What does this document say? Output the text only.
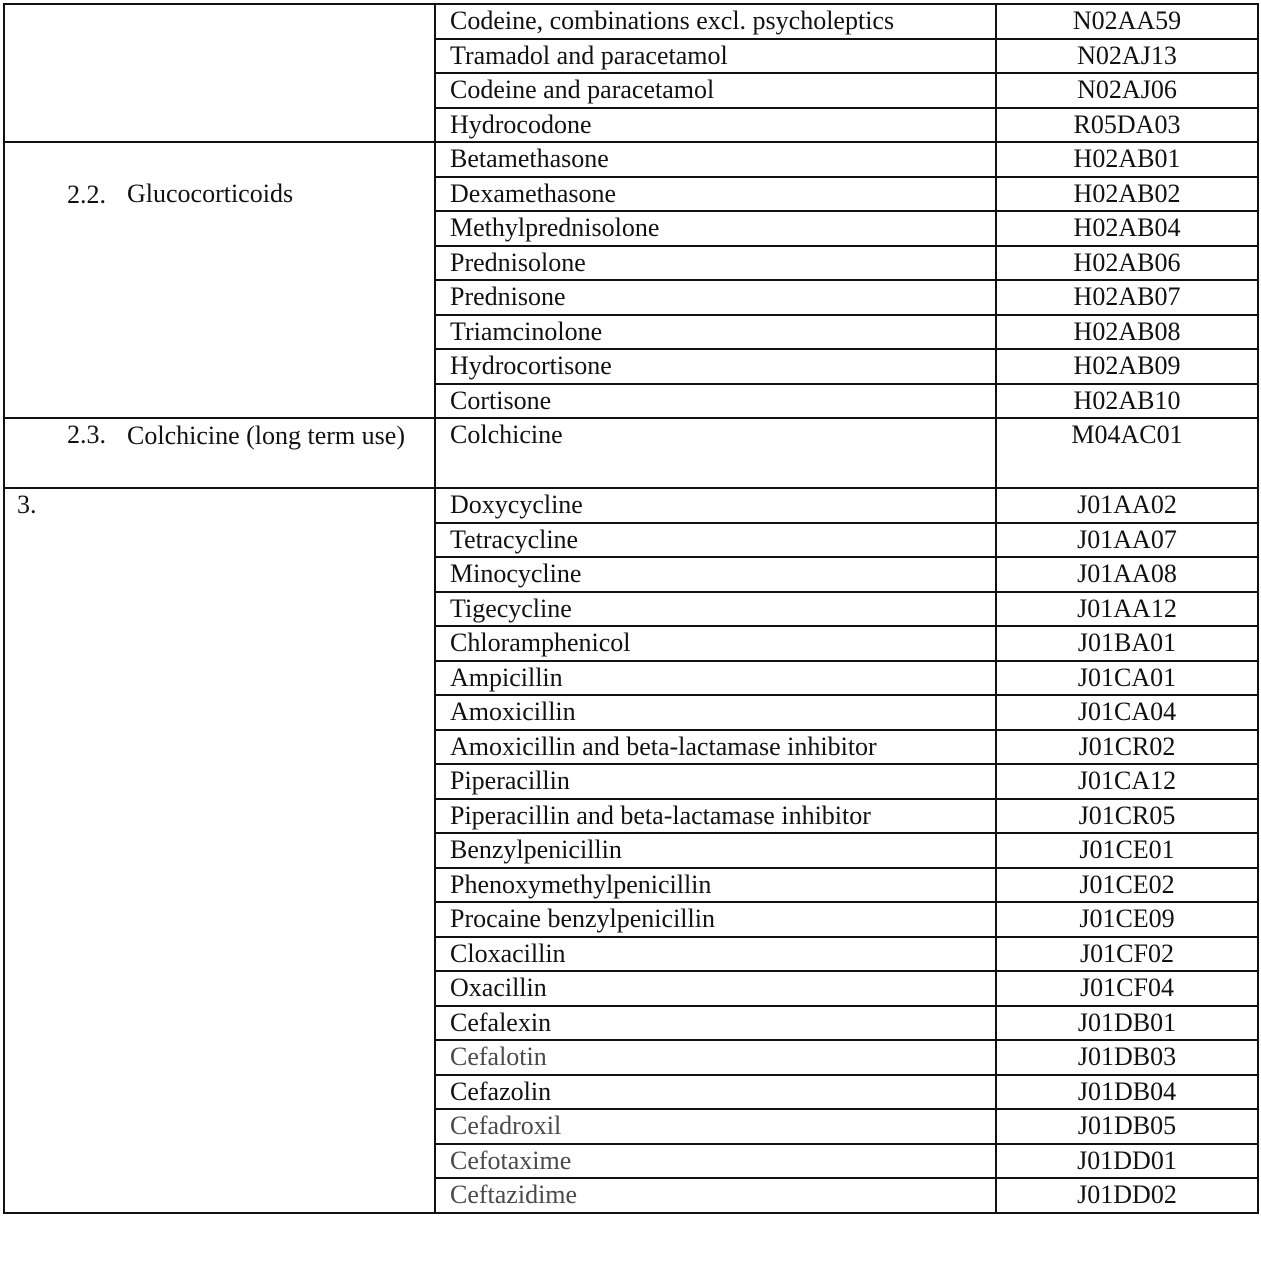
	Codeine, combinations excl. psycholeptics	N02AA59
	Tramadol and paracetamol	N02AJ13
	Codeine and paracetamol	N02AJ06
	Hydrocodone	R05DA03

2.2. Glucocorticoids	Betamethasone	H02AB01
	Dexamethasone	H02AB02
	Methylprednisolone	H02AB04
	Prednisolone	H02AB06
	Prednisone	H02AB07
	Triamcinolone	H02AB08
	Hydrocortisone	H02AB09
	Cortisone	H02AB10

2.3. Colchicine (long term use)	Colchicine	M04AC01

3.	Doxycycline	J01AA02
	Tetracycline	J01AA07
	Minocycline	J01AA08
	Tigecycline	J01AA12
	Chloramphenicol	J01BA01
	Ampicillin	J01CA01
	Amoxicillin	J01CA04
	Amoxicillin and beta-lactamase inhibitor	J01CR02
	Piperacillin	J01CA12
	Piperacillin and beta-lactamase inhibitor	J01CR05
	Benzylpenicillin	J01CE01
	Phenoxymethylpenicillin	J01CE02
	Procaine benzylpenicillin	J01CE09
	Cloxacillin	J01CF02
	Oxacillin	J01CF04
	Cefalexin	J01DB01
	Cefalotin	J01DB03
	Cefazolin	J01DB04
	Cefadroxil	J01DB05
	Cefotaxime	J01DD01
	Ceftazidime	J01DD02
